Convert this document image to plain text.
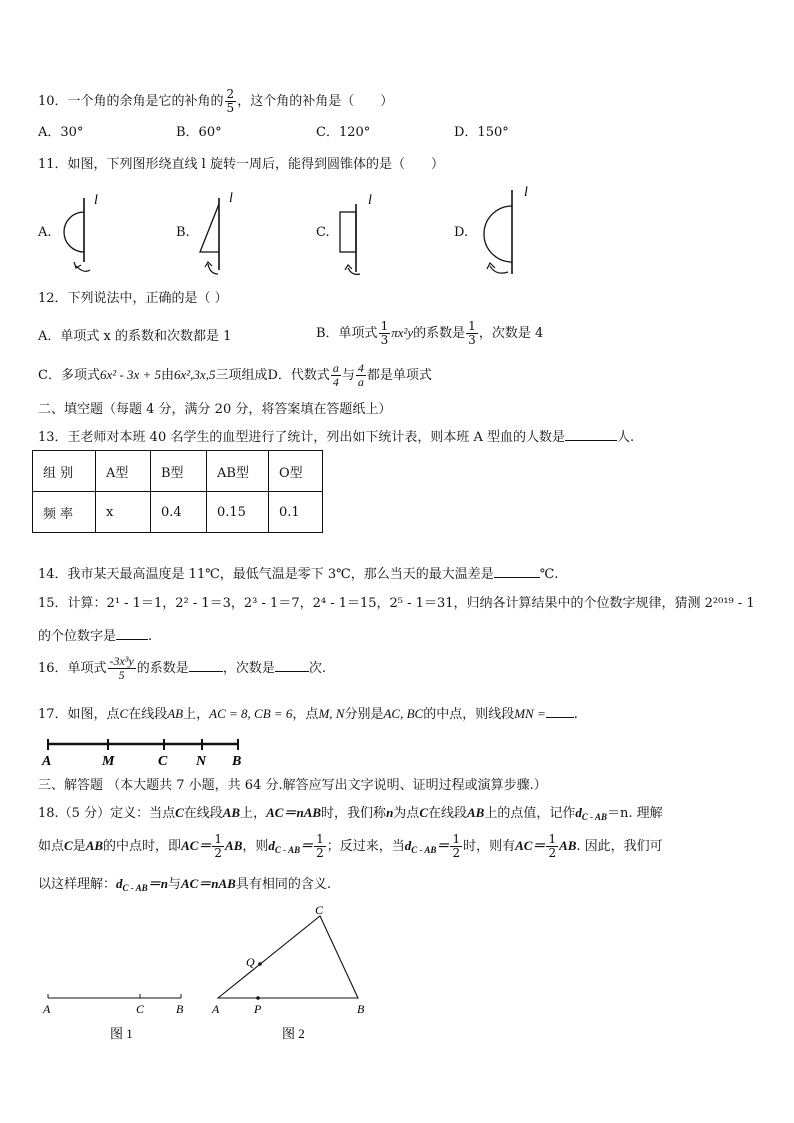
10．一个角的余角是它的补角的 $\frac{2}{5}$ ，这个角的补角是（　　）
A．30°	B．60°	C．120°	D．150°
11．如图，下列图形绕直线 l 旋转一周后，能得到圆锥体的是（　　）
A.	B.	C.	D.
l	l	l
l
12．下列说法中，正确的是（ ）
A．单项式 x 的系数和次数都是 1	B．单项式 $\frac{1}{3} \pi x^2y$的系数是 $\frac{1}{3}$ ，次数是 4
C．多项式6x² - 3x + 5由6x²,3x,5三项组成D．代数式 $\frac{a}{4}$ 与 $\frac{4}{a}$ 都是单项式
二、填空题（每题 4 分，满分 20 分，将答案填在答题纸上）
13．王老师对本班 40 名学生的血型进行了统计，列出如下统计表，则本班 A 型血的人数是	人.
组 别	A型	B型	AB型	O型
频 率	x	0.4	0.15	0.1
14．我市某天最高温度是 11℃，最低气温是零下 3℃，那么当天的最大温差是	℃.
15．计算：2¹ - 1＝1，2² - 1＝3，2³ - 1＝7，2⁴ - 1＝15，2⁵ - 1＝31，归纳各计算结果中的个位数字规律，猜测 2²⁰¹⁹ - 1
的个位数字是 .
16．单项式 $\frac{\text{-3x³y}}{5}$ 的系数是	，次数是	次.
17．如图，点C在线段AB上，AC = 8, CB = 6，点M, N分别是AC, BC的中点，则线段MN = .
A	M	C N B
三、解答题 （本大题共 7 小题，共 64 分.解答应写出文字说明、证明过程或演算步骤.）
18.（5 分）定义：当点C在线段AB上，AC＝nAB时，我们称n为点C在线段AB上的点值，记作$d_{C - AB}=n$. 理解
如点C是AB的中点时，即$AC= \frac{1}{2}$ AB，则$d_{C - AB}= \frac{1}{2}$ ；反过来，当$d_{C - AB}= \frac{1}{2}$ 时，则有$AC= \frac{1}{2}$ AB. 因此，我们可
以这样理解：$d_{C - AB}=n$与AC＝nAB具有相同的含义.
A	C	B
图 1
C
Q
A	P	B
图 2
